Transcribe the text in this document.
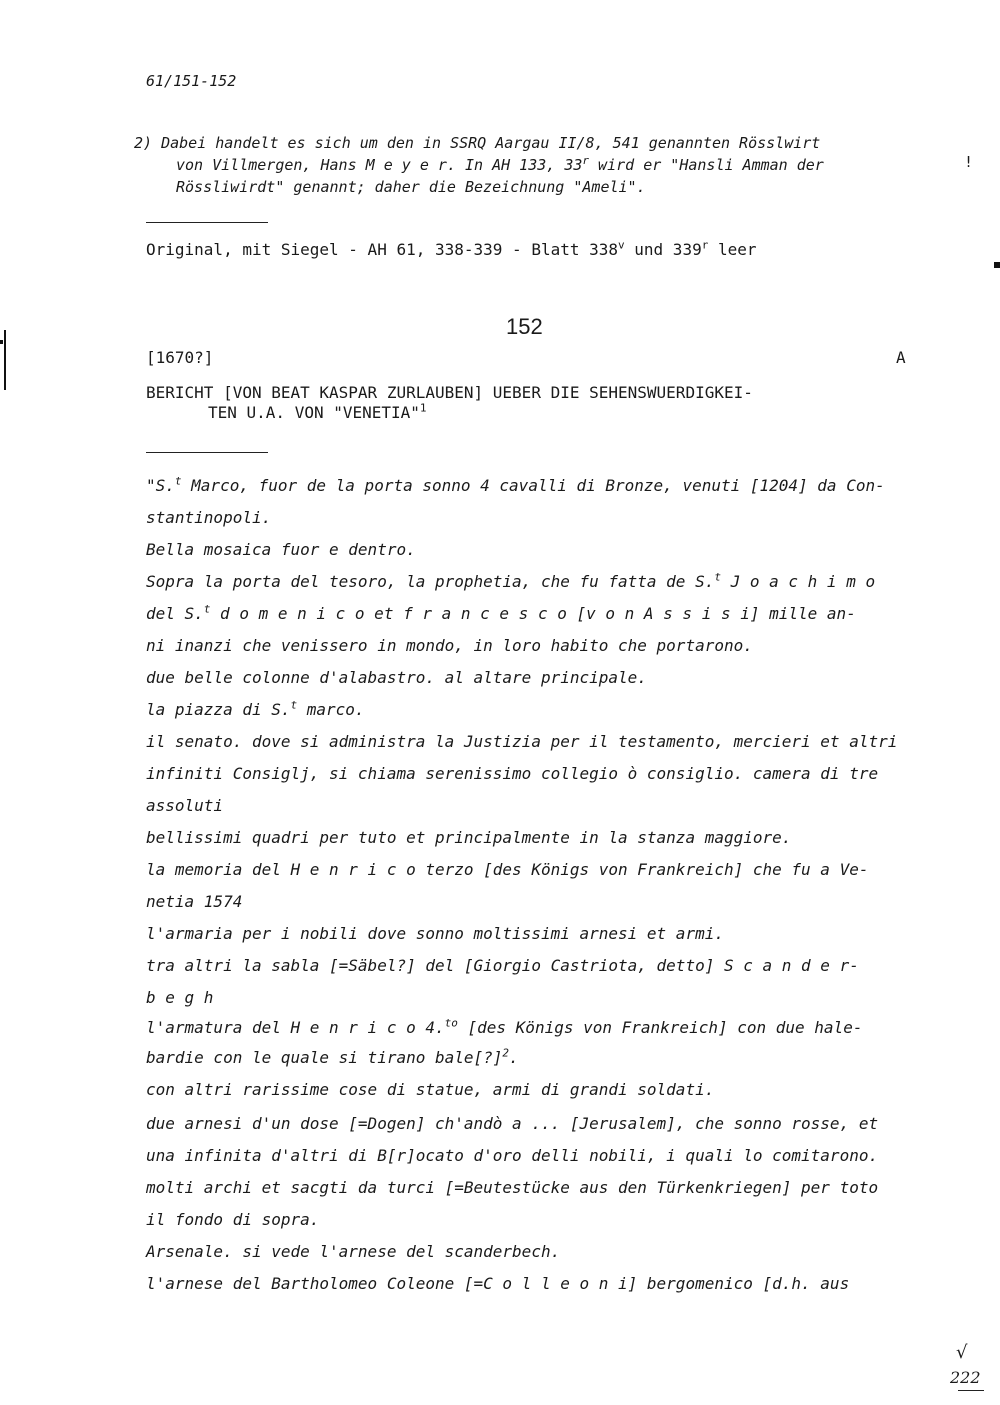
61/151-152
2) Dabei handelt es sich um den in SSRQ Aargau II/8, 541 genannten Rösslwirt
von Villmergen, Hans M e y e r. In AH 133, 33$^r$ wird er "Hansli Amman der
Rössliwirdt" genannt; daher die Bezeichnung "Ameli".
!
Original, mit Siegel - AH 61, 338-339 - Blatt 338$^v$ und 339$^r$ leer
152
[1670?]	A
BERICHT [VON BEAT KASPAR ZURLAUBEN] UEBER DIE SEHENSWUERDIGKEI-
TEN U.A. VON "VENETIA"$^1$
"S.$^t$ Marco, fuor de la porta sonno 4 cavalli di Bronze, venuti [1204] da Con-
stantinopoli.
Bella mosaica fuor e dentro.
Sopra la porta del tesoro, la prophetia, che fu fatta de S.$^t$ J o a c h i m o
del S.$^t$ d o m e n i c o et f r a n c e s c o [v o n A s s i s i] mille an-
ni inanzi che venissero in mondo, in loro habito che portarono.
due belle colonne d'alabastro. al altare principale.
la piazza di S.$^t$ marco.
il senato. dove si administra la Justizia per il testamento, mercieri et altri
infiniti Consiglj, si chiama serenissimo collegio ò consiglio. camera di tre
assoluti
bellissimi quadri per tuto et principalmente in la stanza maggiore.
la memoria del H e n r i c o terzo [des Königs von Frankreich] che fu a Ve-
netia 1574
l'armaria per i nobili dove sonno moltissimi arnesi et armi.
tra altri la sabla [=Säbel?] del [Giorgio Castriota, detto] S c a n d e r-
b e g h
l'armatura del H e n r i c o 4.$^{to}$ [des Königs von Frankreich] con due hale-
bardie con le quale si tirano bale[?]$^2$.
con altri rarissime cose di statue, armi di grandi soldati.
due arnesi d'un dose [=Dogen] ch'andò a ... [Jerusalem], che sonno rosse, et
una infinita d'altri di B[r]ocato d'oro delli nobili, i quali lo comitarono.
molti archi et sacgti da turci [=Beutestücke aus den Türkenkriegen] per toto
il fondo di sopra.
Arsenale. si vede l'arnese del scanderbech.
l'arnese del Bartholomeo Coleone [=C o l l e o n i] bergomenico [d.h. aus
√
222
